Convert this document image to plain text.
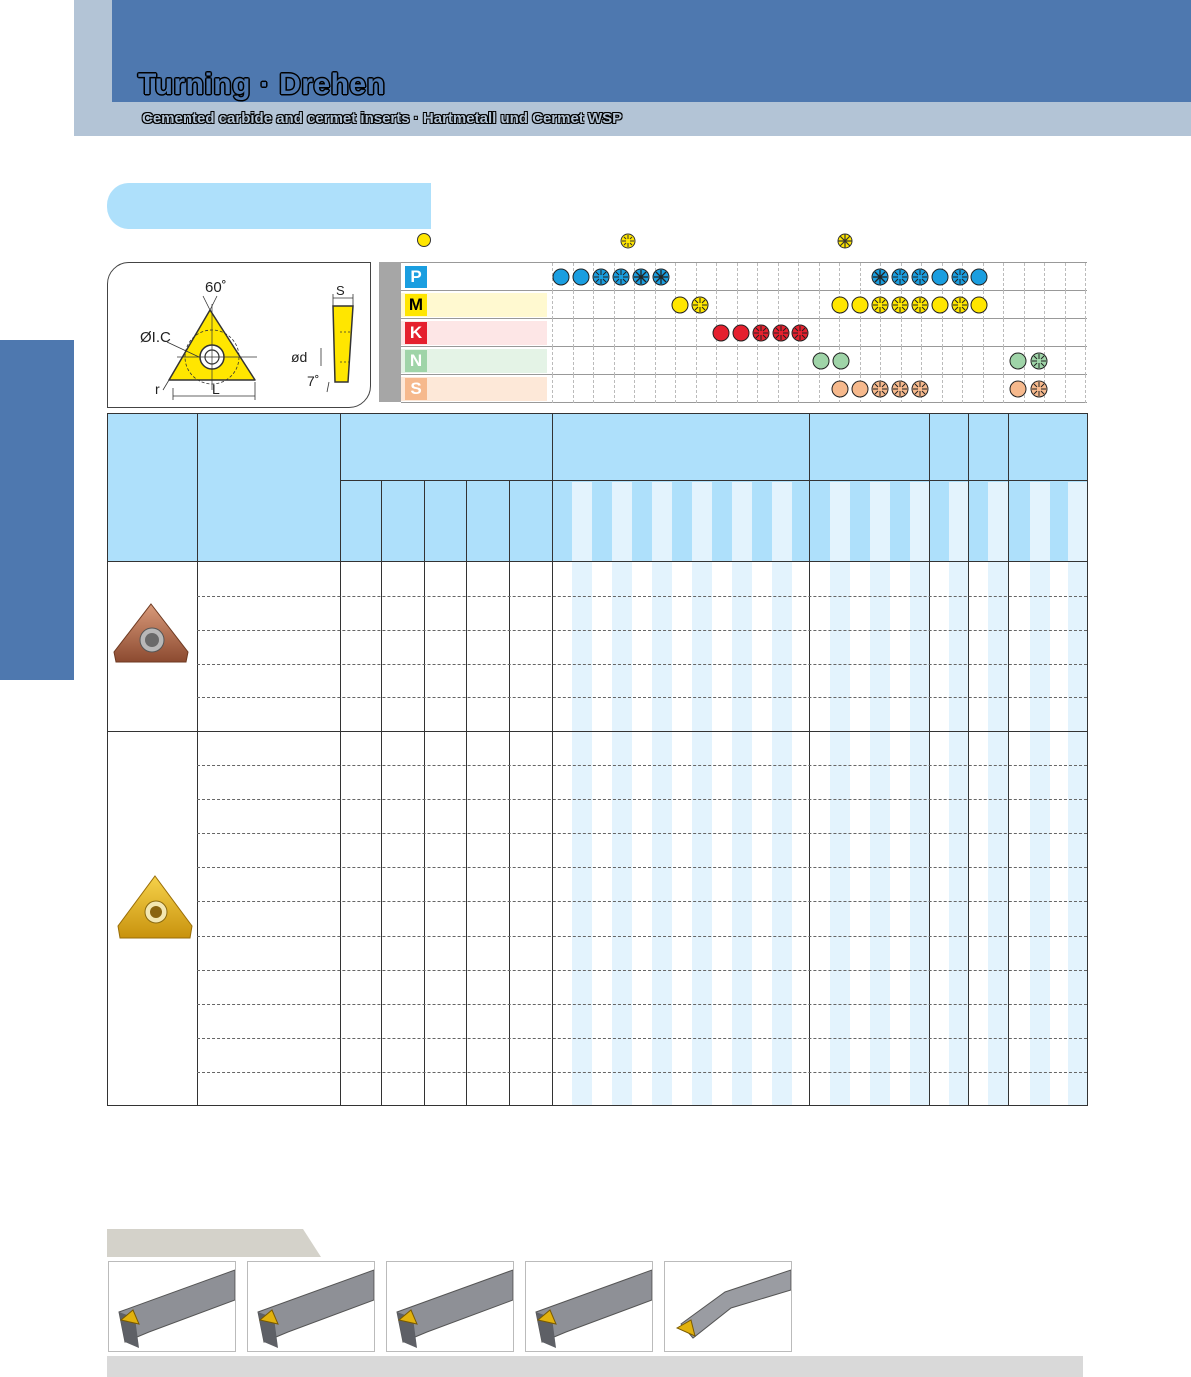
Turning · Drehen
Cemented carbide and cermet inserts · Hartmetall und Cermet WSP
60˚
ØI.C
r	L
S
ød
7˚
P
M
K
N
S
